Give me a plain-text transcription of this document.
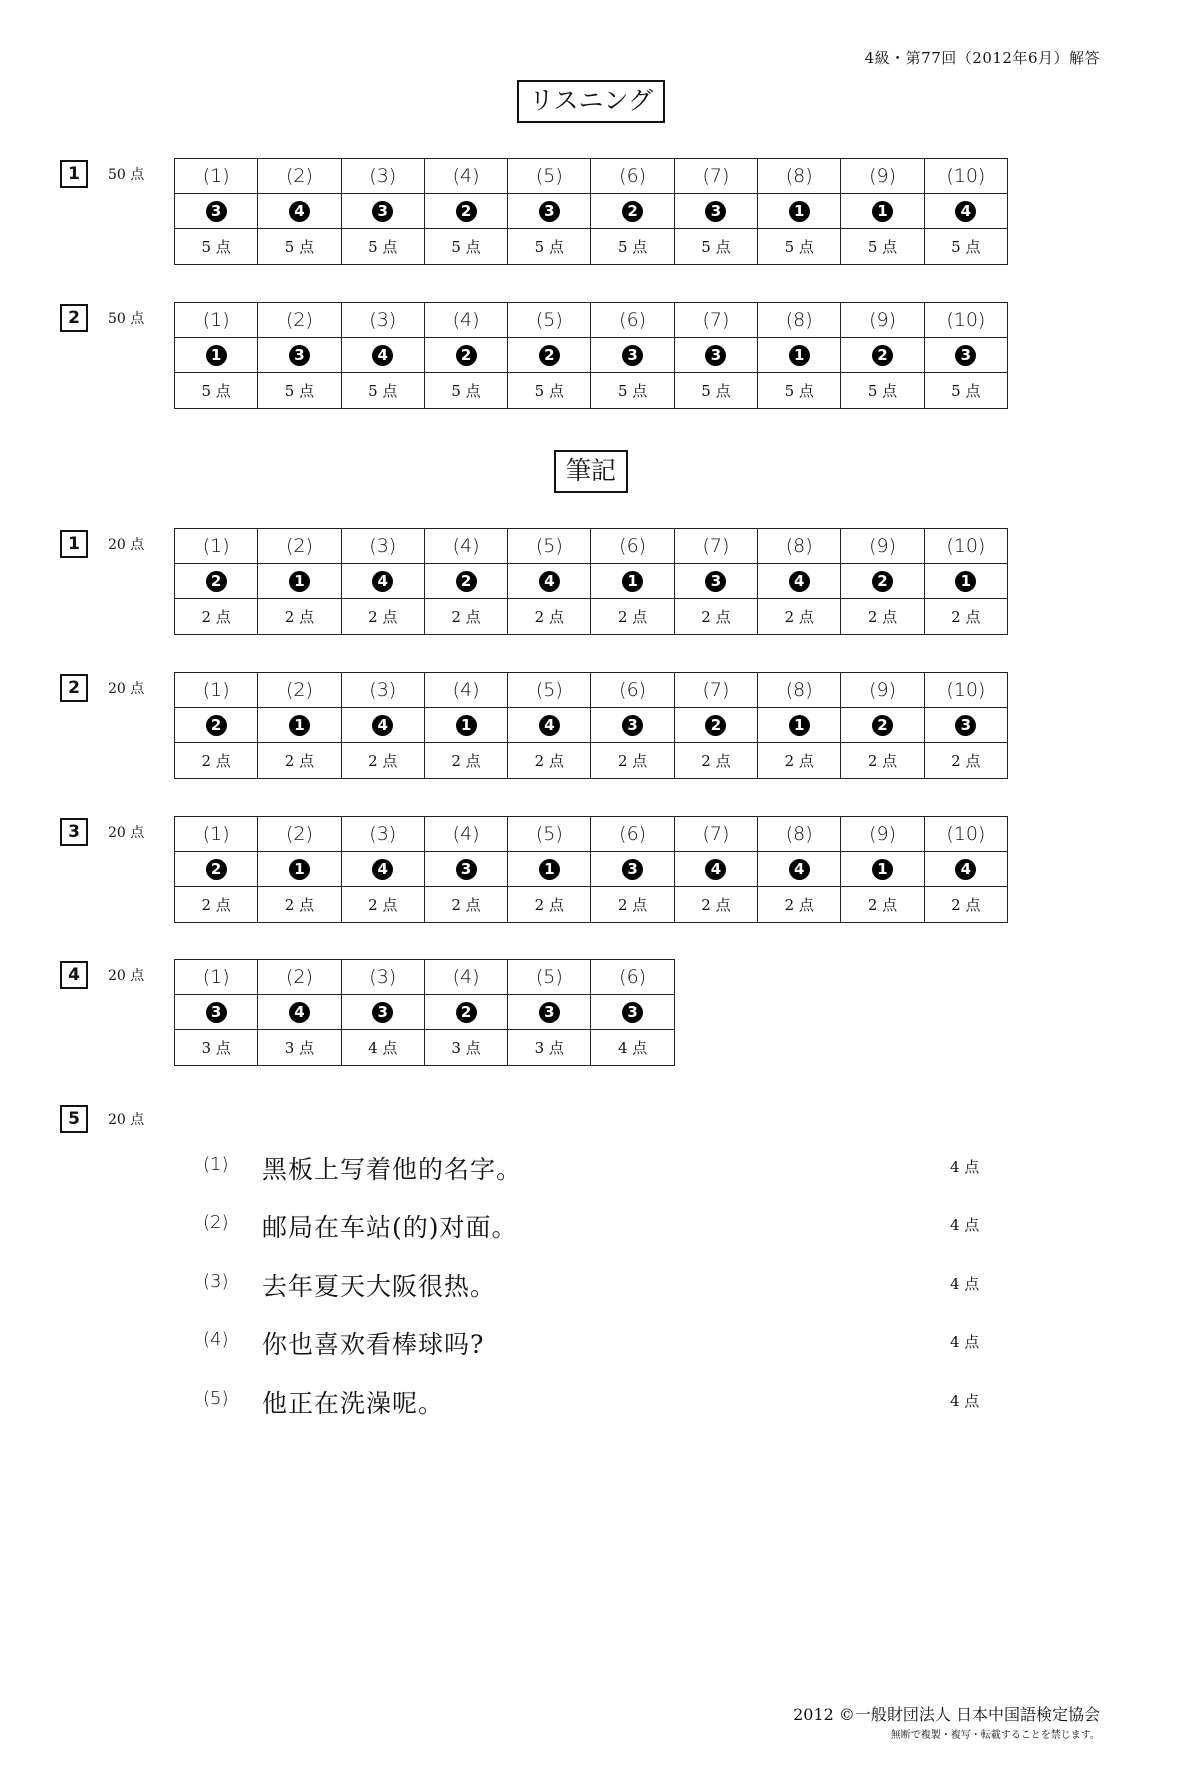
4級・第77回（2012年6月）解答
リスニング
1	50 点	(1)	(2)	(3)	(4)	(5)	(6)	(7)	(8)	(9)	(10)
3	4	3	2	3	2	3	1	1	4
5 点	5 点	5 点	5 点	5 点	5 点	5 点	5 点	5 点	5 点
2	50 点	(1)	(2)	(3)	(4)	(5)	(6)	(7)	(8)	(9)	(10)
1	3	4	2	2	3	3	1	2	3
5 点	5 点	5 点	5 点	5 点	5 点	5 点	5 点	5 点	5 点
筆記
1	20 点	(1)	(2)	(3)	(4)	(5)	(6)	(7)	(8)	(9)	(10)
2	1	4	2	4	1	3	4	2	1
2 点	2 点	2 点	2 点	2 点	2 点	2 点	2 点	2 点	2 点
2	20 点	(1)	(2)	(3)	(4)	(5)	(6)	(7)	(8)	(9)	(10)
2	1	4	1	4	3	2	1	2	3
2 点	2 点	2 点	2 点	2 点	2 点	2 点	2 点	2 点	2 点
3	20 点	(1)	(2)	(3)	(4)	(5)	(6)	(7)	(8)	(9)	(10)
2	1	4	3	1	3	4	4	1	4
2 点	2 点	2 点	2 点	2 点	2 点	2 点	2 点	2 点	2 点
4	20 点	(1)	(2)	(3)	(4)	(5)	(6)
3	4	3	2	3	3
3 点	3 点	4 点	3 点	3 点	4 点
5	20 点
(1) 黑板上写着他的名字。	4 点
(2) 邮局在车站(的)对面。	4 点
(3) 去年夏天大阪很热。	4 点
(4) 你也喜欢看棒球吗?	4 点
(5) 他正在洗澡呢。	4 点
2012 ©一般財団法人 日本中国語検定協会
無断で複製・複写・転載することを禁じます。
